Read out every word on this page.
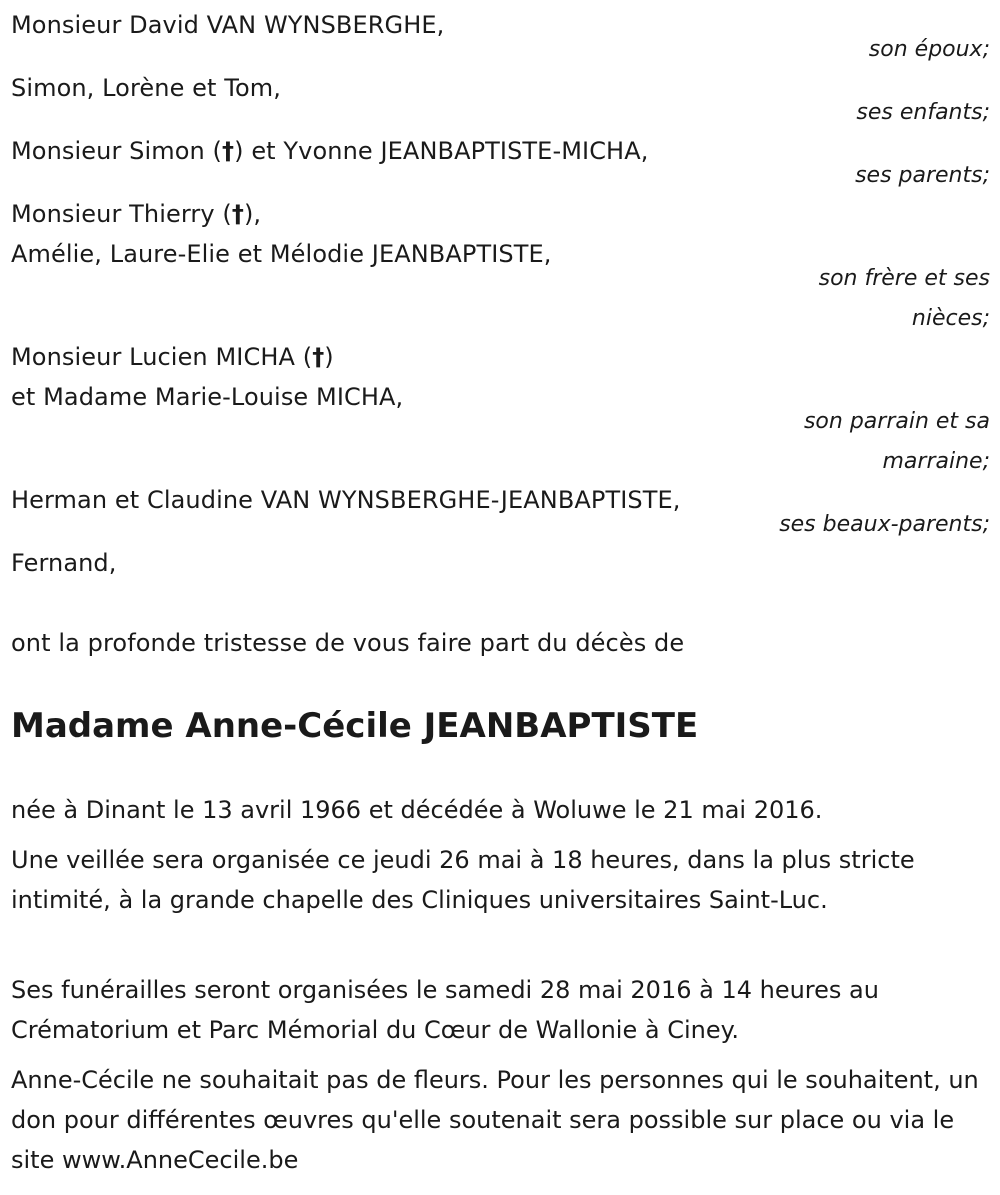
Monsieur David VAN WYNSBERGHE,
son époux;
Simon, Lorène et Tom,
ses enfants;
Monsieur Simon (†) et Yvonne JEANBAPTISTE-MICHA,
ses parents;
Monsieur Thierry (†),
Amélie, Laure-Elie et Mélodie JEANBAPTISTE,
son frère et ses
nièces;
Monsieur Lucien MICHA (†)
et Madame Marie-Louise MICHA,
son parrain et sa
marraine;
Herman et Claudine VAN WYNSBERGHE-JEANBAPTISTE,
ses beaux-parents;
Fernand,
ont la profonde tristesse de vous faire part du décès de
Madame Anne-Cécile JEANBAPTISTE
née à Dinant le 13 avril 1966 et décédée à Woluwe le 21 mai 2016.
Une veillée sera organisée ce jeudi 26 mai à 18 heures, dans la plus stricte intimité, à la grande chapelle des Cliniques universitaires Saint-Luc.
Ses funérailles seront organisées le samedi 28 mai 2016 à 14 heures au Crématorium et Parc Mémorial du Cœur de Wallonie à Ciney.
Anne-Cécile ne souhaitait pas de fleurs. Pour les personnes qui le souhaitent, un don pour différentes œuvres qu'elle soutenait sera possible sur place ou via le site www.AnneCecile.be
